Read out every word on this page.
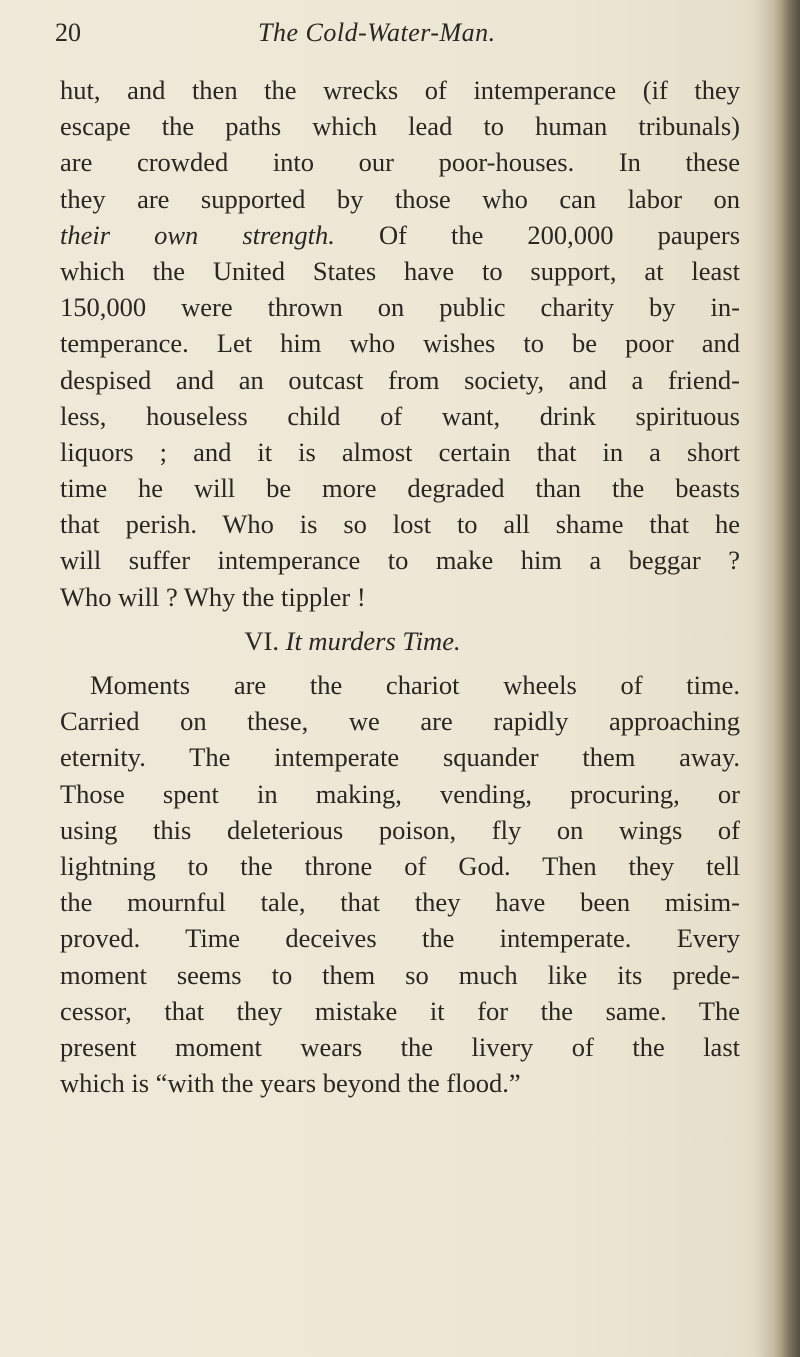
20	The Cold-Water-Man.
hut, and then the wrecks of intemperance (if they
escape the paths which lead to human tribunals)
are crowded into our poor-houses. In these
they are supported by those who can labor on
their own strength. Of the 200,000 paupers
which the United States have to support, at least
150,000 were thrown on public charity by in-
temperance. Let him who wishes to be poor and
despised and an outcast from society, and a friend-
less, houseless child of want, drink spirituous
liquors ; and it is almost certain that in a short
time he will be more degraded than the beasts
that perish. Who is so lost to all shame that he
will suffer intemperance to make him a beggar ?
Who will ? Why the tippler !
VI. It murders Time.
Moments are the chariot wheels of time.
Carried on these, we are rapidly approaching
eternity. The intemperate squander them away.
Those spent in making, vending, procuring, or
using this deleterious poison, fly on wings of
lightning to the throne of God. Then they tell
the mournful tale, that they have been misim-
proved. Time deceives the intemperate. Every
moment seems to them so much like its prede-
cessor, that they mistake it for the same. The
present moment wears the livery of the last
which is “with the years beyond the flood.”
